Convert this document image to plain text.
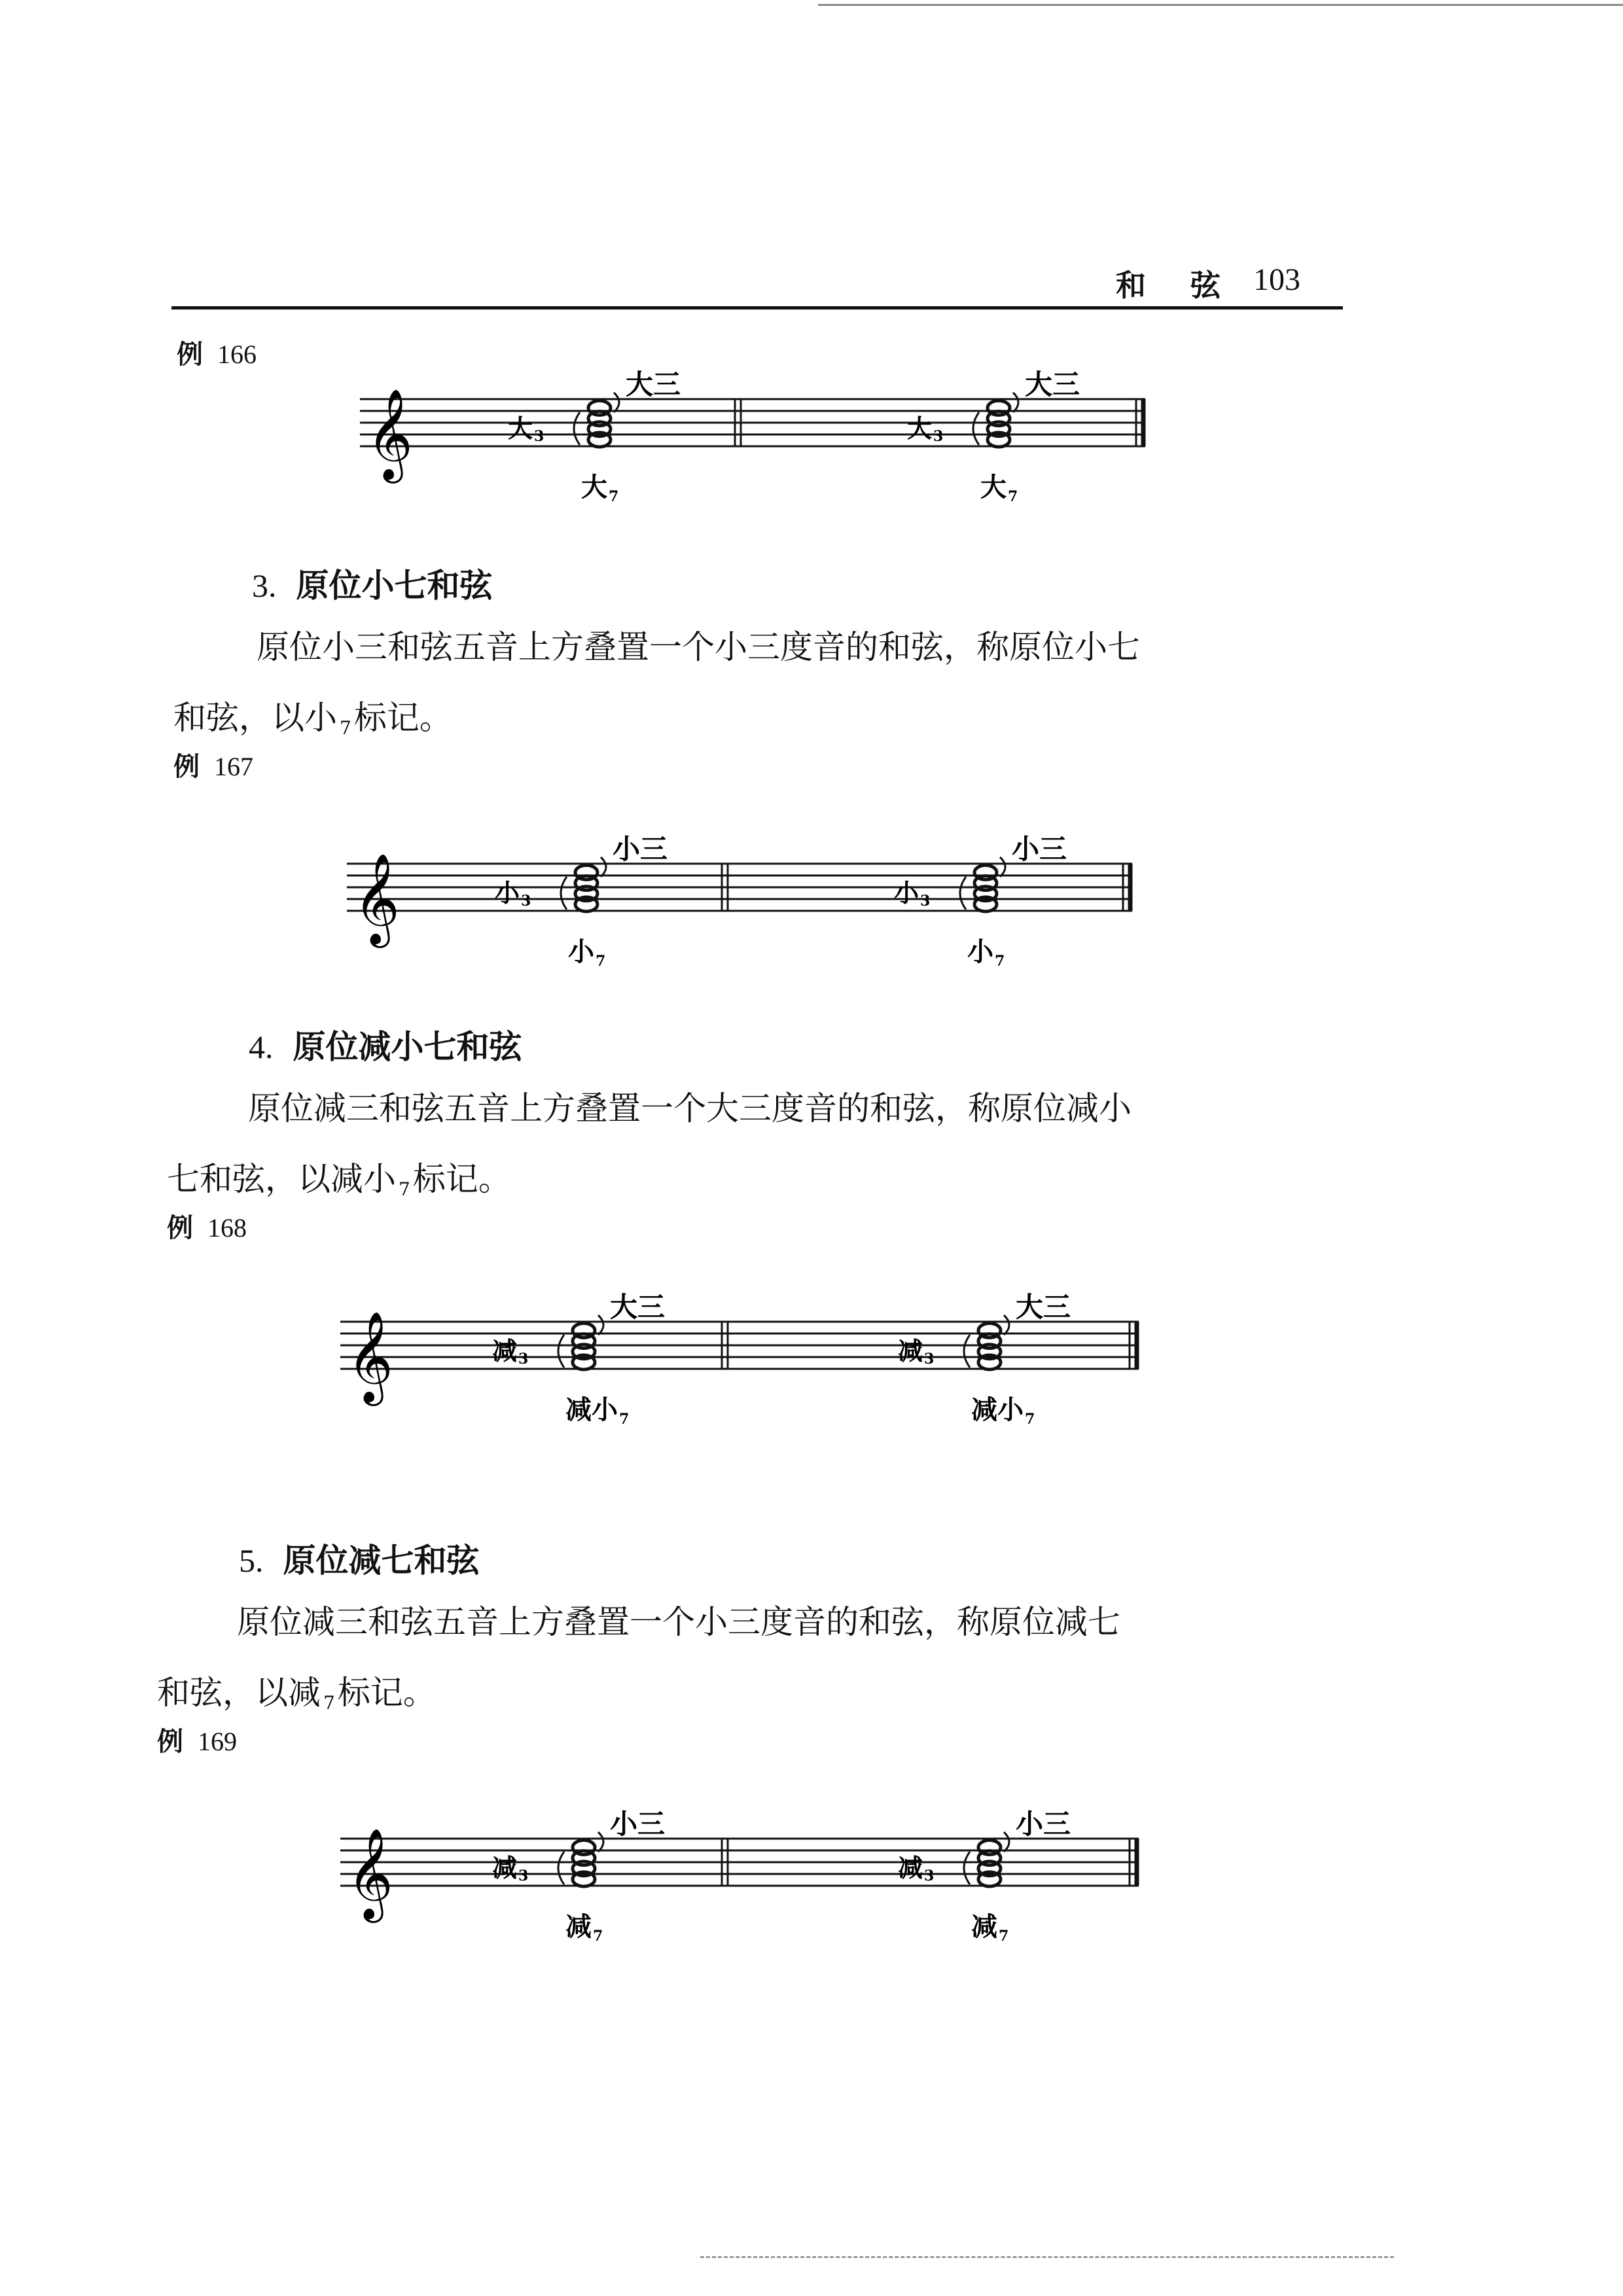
和 弦 103
例 166
𝄞	大 3
大三
大 7
大 3
大三
大 7
3. 原位小七和弦
原位小三和弦五音上方叠置一个小三度音的和弦，称原位小七
和弦，以小 $_7$标记。
例 167
𝄞	小 3
小三
小 7
小 3
小三
小 7
4. 原位减小七和弦
原位减三和弦五音上方叠置一个大三度音的和弦，称原位减小
七和弦，以减小 $_7$标记。
例 168
𝄞	减 3
大三
减小 7
减 3
大三
减小 7
5. 原位减七和弦
原位减三和弦五音上方叠置一个小三度音的和弦，称原位减七
和弦，以减 $_7$标记。
例 169
𝄞	减 3
小三
减 7
减 3
小三
减 7
